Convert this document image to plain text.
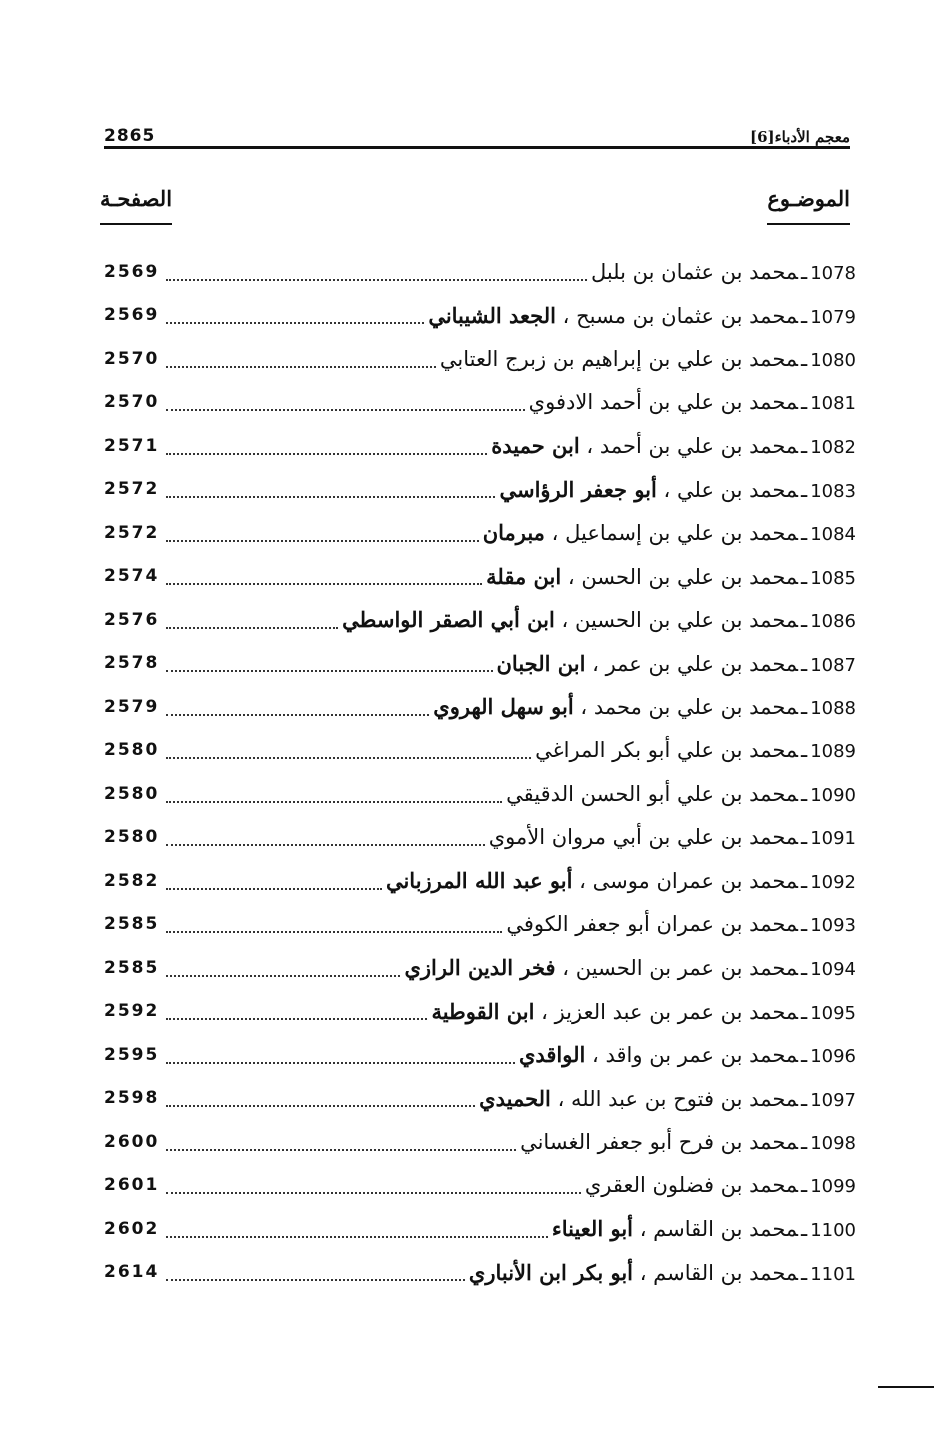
2865	معجم الأدباء[6]
الصفحـة	الموضـوع
1078ـمحمد بن عثمان بن بلبل
2569
1079ـمحمد بن عثمان بن مسبح ، الجعد الشيباني
2569
1080ـمحمد بن علي بن إبراهيم بن زبرج العتابي
2570
1081ـمحمد بن علي بن أحمد الادفوي
2570
1082ـمحمد بن علي بن أحمد ، ابن حميدة
2571
1083ـمحمد بن علي ، أبو جعفر الرؤاسي
2572
1084ـمحمد بن علي بن إسماعيل ، مبرمان
2572
1085ـمحمد بن علي بن الحسن ، ابن مقلة
2574
1086ـمحمد بن علي بن الحسين ، ابن أبي الصقر الواسطي
2576
1087ـمحمد بن علي بن عمر ، ابن الجبان
2578
1088ـمحمد بن علي بن محمد ، أبو سهل الهروي
2579
1089ـمحمد بن علي أبو بكر المراغي
2580
1090ـمحمد بن علي أبو الحسن الدقيقي
2580
1091ـمحمد بن علي بن أبي مروان الأموي
2580
1092ـمحمد بن عمران موسى ، أبو عبد الله المرزباني
2582
1093ـمحمد بن عمران أبو جعفر الكوفي
2585
1094ـمحمد بن عمر بن الحسين ، فخر الدين الرازي
2585
1095ـمحمد بن عمر بن عبد العزيز ، ابن القوطية
2592
1096ـمحمد بن عمر بن واقد ، الواقدي
2595
1097ـمحمد بن فتوح بن عبد الله ، الحميدي
2598
1098ـمحمد بن فرح أبو جعفر الغساني
2600
1099ـمحمد بن فضلون العقري
2601
1100ـمحمد بن القاسم ، أبو العيناء
2602
1101ـمحمد بن القاسم ، أبو بكر ابن الأنباري
2614
